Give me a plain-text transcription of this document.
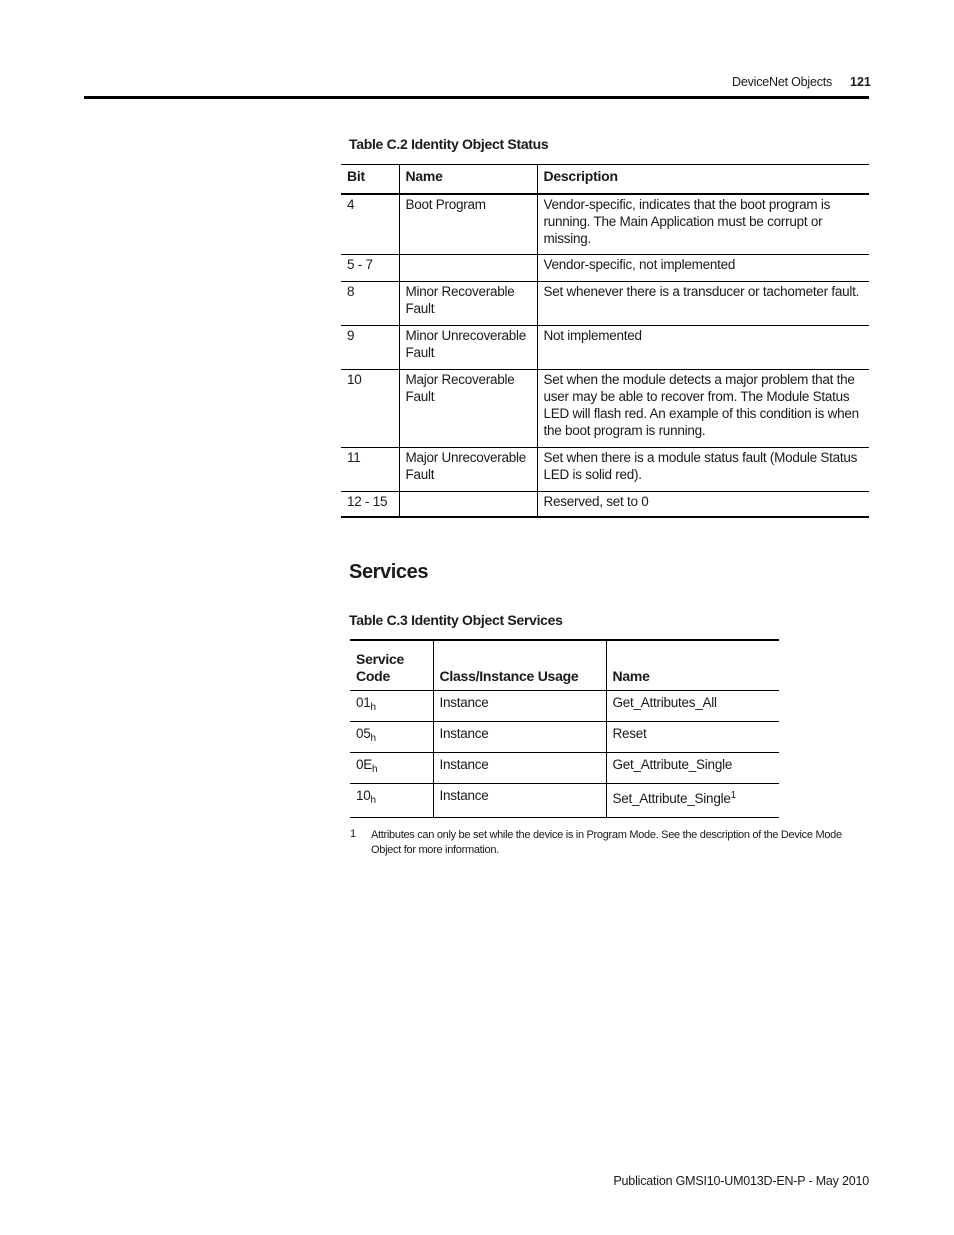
DeviceNet Objects 121
Table C.2 Identity Object Status
Bit	Name	Description
4	Boot Program	Vendor-specific, indicates that the boot program is running. The Main Application must be corrupt or missing.
5 - 7		Vendor-specific, not implemented
8	Minor Recoverable Fault	Set whenever there is a transducer or tachometer fault.
9	Minor Unrecoverable Fault	Not implemented
10	Major Recoverable Fault	Set when the module detects a major problem that the user may be able to recover from. The Module Status LED will flash red. An example of this condition is when the boot program is running.
11	Major Unrecoverable Fault	Set when there is a module status fault (Module Status LED is solid red).
12 - 15		Reserved, set to 0
Services
Table C.3 Identity Object Services
Service Code	Class/Instance Usage	Name
$01_h$	Instance	Get_Attributes_All
$05_h$	Instance	Reset
$0E_h$	Instance	Get_Attribute_Single
$10_h$	Instance	Set_Attribute_Single$^1$
1 Attributes can only be set while the device is in Program Mode. See the description of the Device Mode Object for more information.
Publication GMSI10-UM013D-EN-P - May 2010
